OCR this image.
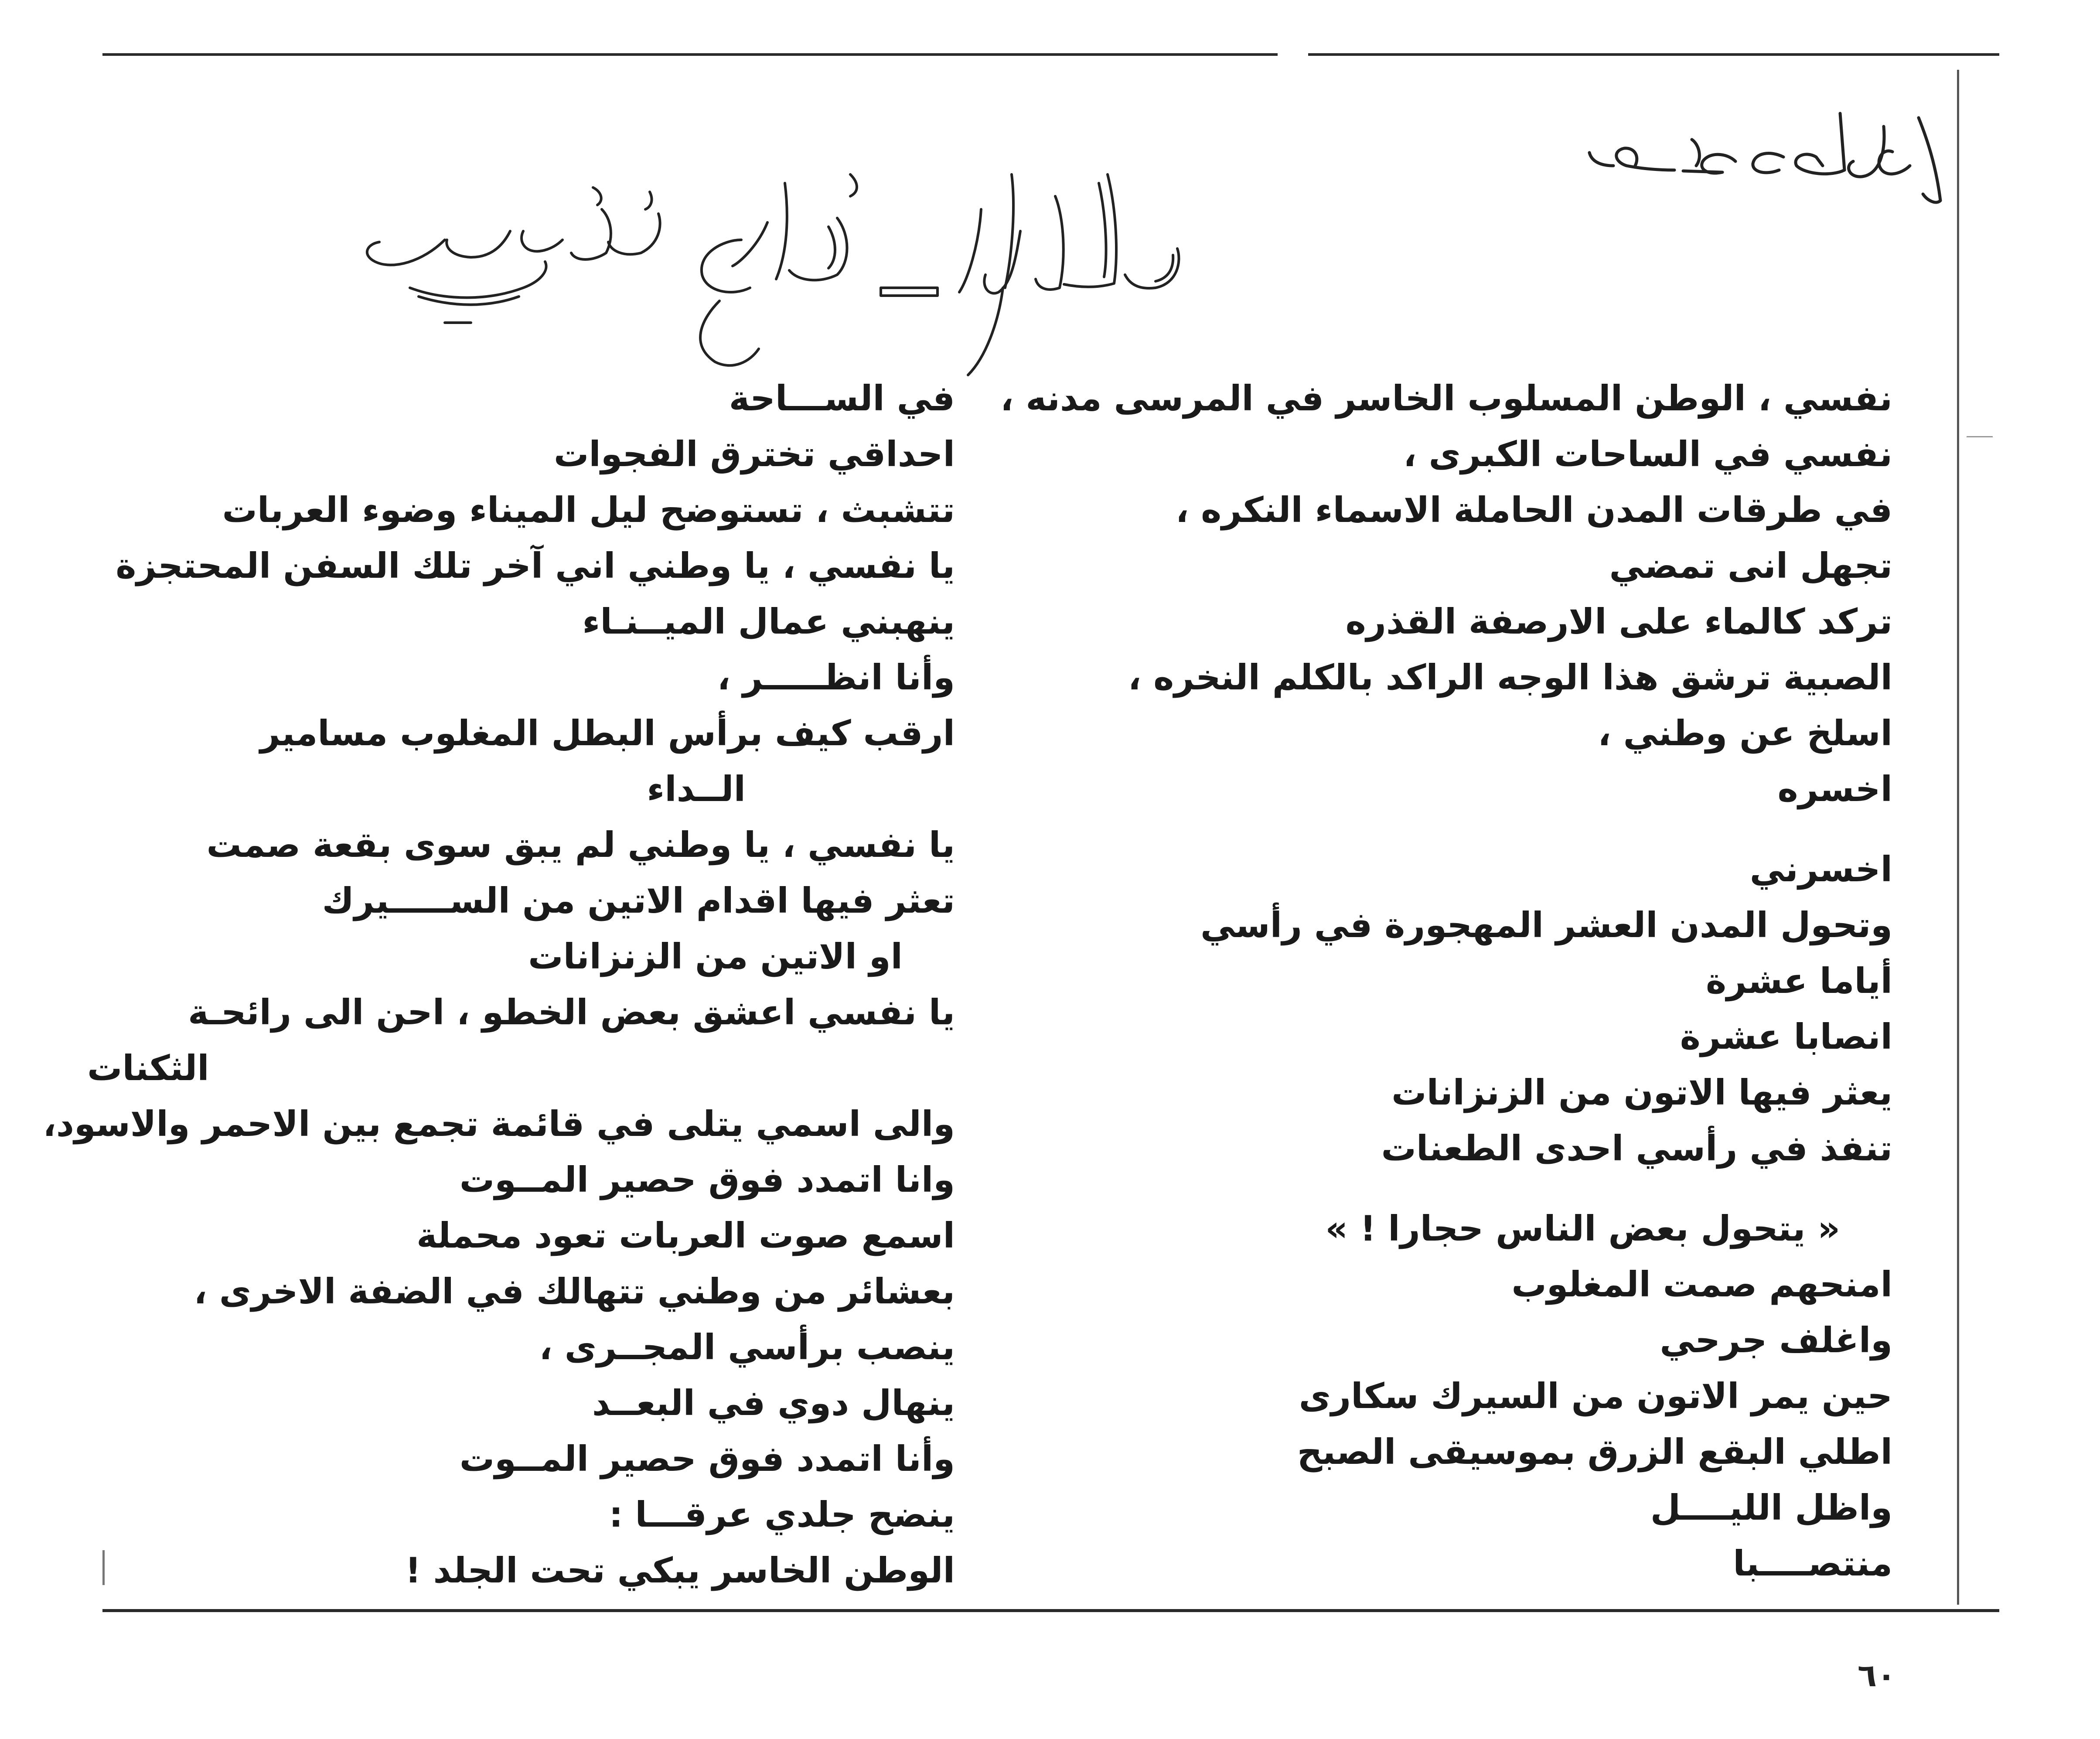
نفسي ، الوطن المسلوب الخاسر في المرسى مدنه ،
نفسي في الساحات الكبرى ،
في طرقات المدن الحاملة الاسماء النكره ،
تجهل انى تمضي
تركد كالماء على الارصفة القذره
الصبية ترشق هذا الوجه الراكد بالكلم النخره ،
اسلخ عن وطني ،
اخسره
اخسرني
وتحول المدن العشر المهجورة في رأسي
أياما عشرة
انصابا عشرة
يعثر فيها الاتون من الزنزانات
تنفذ في رأسي احدى الطعنات
« يتحول بعض الناس حجارا ! »
امنحهم صمت المغلوب
واغلف جرحي
حين يمر الاتون من السيرك سكارى
اطلي البقع الزرق بموسيقى الصبح
واظل الليــــل
منتصــــبا
في الســـاحة
احداقي تخترق الفجوات
تتشبث ، تستوضح ليل الميناء وضوء العربات
يا نفسي ، يا وطني اني آخر تلك السفن المحتجزة
ينهبني عمال الميــنـاء
وأنا انظـــــر ،
ارقب كيف برأس البطل المغلوب مسامير
الــداء
يا نفسي ، يا وطني لم يبق سوى بقعة صمت
تعثر فيها اقدام الاتين من الســـــيرك
او الاتين من الزنزانات
يا نفسي اعشق بعض الخطو ، احن الى رائحـة
الثكنات
والى اسمي يتلى في قائمة تجمع بين الاحمر والاسود،
وانا اتمدد فوق حصير المــوت
اسمع صوت العربات تعود محملة
بعشائر من وطني تتهالك في الضفة الاخرى ،
ينصب برأسي المجــرى ،
ينهال دوي في البعــد
وأنا اتمدد فوق حصير المــوت
ينضح جلدي عرقـــا :
الوطن الخاسر يبكي تحت الجلد !
٦٠
